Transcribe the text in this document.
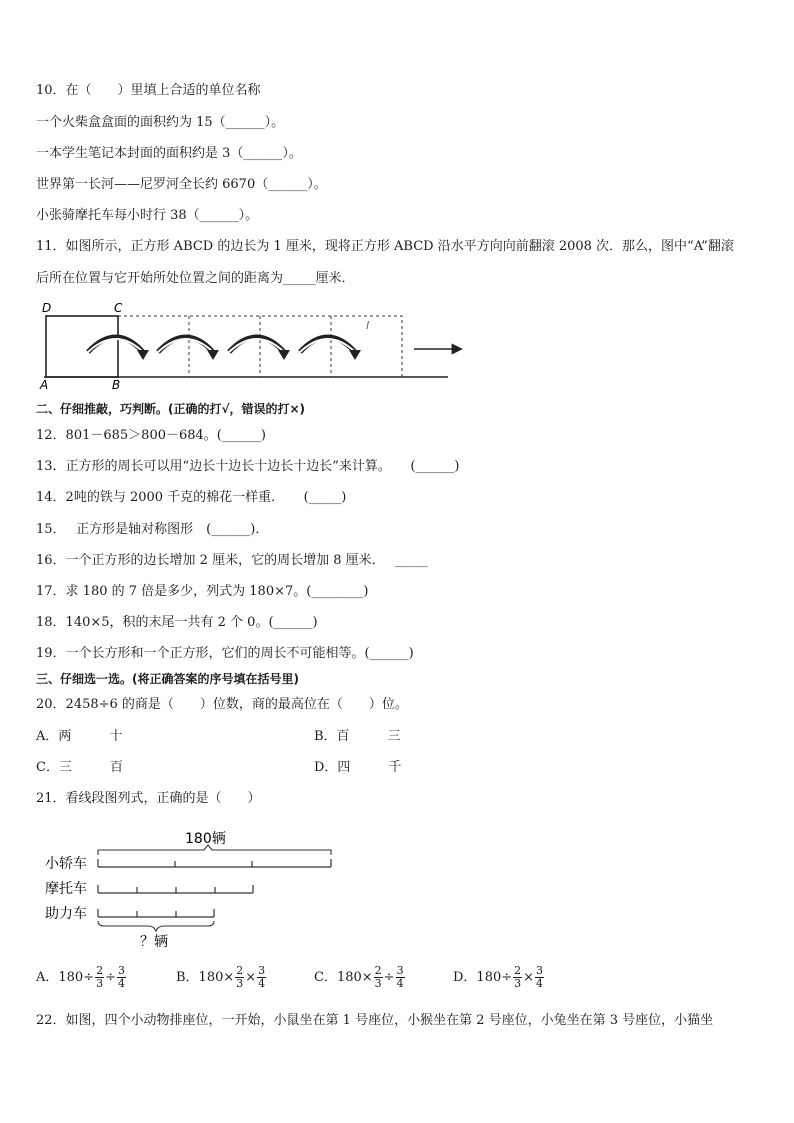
10．在（　　）里填上合适的单位名称
一个火柴盒盒面的面积约为 15（______）。
一本学生笔记本封面的面积约是 3（______）。
世界第一长河——尼罗河全长约 6670（______）。
小张骑摩托车每小时行 38（______）。
11．如图所示，正方形 ABCD 的边长为 1 厘米，现将正方形 ABCD 沿水平方向向前翻滚 2008 次．那么，图中“A”翻滚
后所在位置与它开始所处位置之间的距离为_____厘米．
D	C
A	B
l
二、仔细推敲，巧判断。(正确的打√，错误的打×)
12．801－685＞800－684。(______)
13．正方形的周长可以用“边长十边长十边长十边长”来计算。　　(______)
14．2吨的铁与 2000 千克的棉花一样重．　　(_____)
15．　 正方形是轴对称图形　(______)．
16．一个正方形的边长增加 2 厘米，它的周长增加 8 厘米．　 _____
17．求 180 的 7 倍是多少，列式为 180×7。(________)
18．140×5，积的末尾一共有 2 个 0。(______)
19．一个长方形和一个正方形，它们的周长不可能相等。(______)
三、仔细选一选。(将正确答案的序号填在括号里)
20．2458÷6 的商是（　　）位数，商的最高位在（　　）位。
A．两	十	B．百	三
C．三	百	D．四	千
21．看线段图列式，正确的是（　　）
180辆
小轿车
摩托车
助力车
？辆
A．$180\div \frac{2}{3} \div \frac{3}{4}$	B．$180\times \frac{2}{3} \times \frac{3}{4}$	C．$180\times \frac{2}{3} \div \frac{3}{4}$	D．$180\div \frac{2}{3} \times \frac{3}{4}$
22．如图，四个小动物排座位，一开始，小鼠坐在第 1 号座位，小猴坐在第 2 号座位，小兔坐在第 3 号座位，小猫坐
